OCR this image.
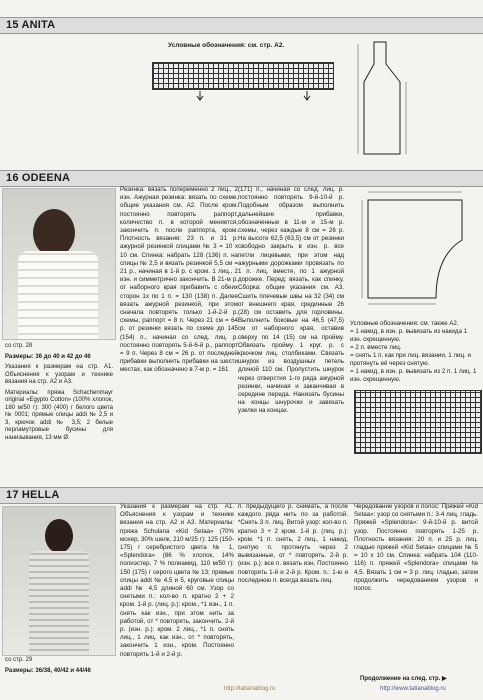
15 ANITA
Условные обозначения: см. стр. А2.
16 ODEENA

со стр. 28

Размеры: 36 до 40 и 42 до 46

Указания к размерам на стр. А1. Объяснения к узорам и технике вязания на стр. А2 и А3.

Материалы: пряжа Schachenmayr original «Egypto Cotton» (100% хлопок, 180 м/50 г): 300 (400) г белого цвета № 0001; прямые спицы addi № 2,5 и 3, крючок addi № 3,5; 2 белые перламутровые бусины для нанизывания, 13 мм Ø.

Резинка: вязать попеременно 2 лиц., 2 изн. Ажурная резинка: вязать по схеме, общие указания см. А2. После кром. постоянно повторять раппорт, количество п. в которой меняется, закончить п. после раппорта, кром. Плотность вязания: 23 п. и 31 р. ажурной резинкой спицами № 3 = 10 х 10 см. Спинка: набрать 128 (136) п. на спицы № 2,5 и вязать резинкой 5,5 см = 21 р., начиная в 1-й р. с кром. 1 лиц., 2 изн. и симметрично закончить. В 21-м р. от наборного края прибавить с обеих сторон 1х по 1 п. = 130 (138) п. Далее вязать ажурной резинкой, при этом сначала повторять только 1-й-2-й р. схемы, раппорт = 8 п. Через 21 см = 64 р. от резинки вязать по схеме до 145 (154) п., начиная со след. лиц. р. постоянно повторять 5-й-6-й р., раппорт = 9 п. Через 8 см = 26 р. от последней прибавки выполнить прибавки на шести местах, как обозначено в 7-м р. = 161
(171) п., начиная со след. лиц. р. постоянно повторять 9-й-10-й р. Подобным образом выполнить дальнейшие прибавки, обозначенные в 11-м и 15-м р. схемы, через каждые 8 см = 26 р. На высоте 62,5 (63,5) см от резинки свободно закрыть в изн. р. все петли лицевыми, при этом над ажурными дорожками провязать по 1 п. лиц. вместе, по 1 ажурной дорожке. Перед: вязать, как спинку. Сборка: общие указания см. А3. Сшить плечевые швы на 32 (34) см от внешнего края, срединные 26 (28) см оставить для горловины. Выполнить боковые на 46,5 (47,5) см от наборного края, оставив сверху по 14 (15) см на пройму. Обвязать пройму 1 круг. р. с крючком лиц. столбиками. Связать шнурок из воздушных петель длиной 110 см. Пропустить шнурок через отверстия 1-го ряда ажурной резинки, начиная и заканчивая в середине переда. Нанизать бусины на концы шнурочки и завязать узелки на концах.
Условные обозначения: см. также А2.
= 1 накид, в изн. р. вывязать из накида 1 изн. скрещенную.
= 2 п. вместе лиц.
= снять 1 п. как при лиц. вязании, 1 лиц. и протянуть её через снятую.
= 1 накид, в изн. р. вывязать из 2 п. 1 лиц. 1 изн. скрещенную.
17 HELLA

со стр. 29

Размеры: 36/38, 40/42 и 44/46

Указания к размерам на стр. А1. Объяснения к узорам и технике вязания на стр. А2 и А3. Материалы: пряжа Schulana «Kid Setaa» (70% мохер, 30% шелк, 210 м/25 г): 125 (150-175) г серебристого цвета № 1, «Splendora» (86 % хлопок, 14% полиэстер, 7 % полиамид, 110 м/50 г): 150 (175) г серого цвета № 13; прямые спицы addi № 4,5 и 5, круговые спицы addi № 4,5 длиной 60 см. Узор со снятыми п.: кол-во п. кратно 2 + 2 кром. 1-й р. (лиц. р.): кром., *1 изн., 1 п. снять как изн., при этом нить за работой, от * повторять, закончить. 2-й р. (изн. р.): кром. 2 лиц., *1 п. снять лиц., 1 лиц. как изн., от * повторять, закончить 1 изн., кром. Постоянно повторять 1-й и 2-й р.
п. предыдущего р. снимать, а после каждого ряда нить по за работой. *Снять 3 п. лиц. Витой узор: кол-во п. кратно 3 + 2 кром. 1-й р. (лиц. р.): кром. *1 п. снять, 2 лиц., 1 накид, снятую п. протянуть через 2 вывязанные, от * повторять. 2-й р. (изн. р.): все п. вязать изн. Постоянно повторять 1-й и 2-й р. Кром. п.: 1-ю и последнюю п. всегда вязать лиц.
Чередование узоров и полос: Пряжей «Kid Setaa»: узор со снятыми п.: 3-4 лиц. гладь. Пряжей «Splendora»: 9-й-10-й р. витой узор. Постоянно повторять 1-25 р. Плотность вязания: 20 п. и 25 р. лиц. гладью пряжей «Kid Setaa» спицами № 5 = 10 х 10 см. Спинка: набрать 104 (110-116) п. пряжей «Splendora» спицами № 4,5. Вязать 1 см = 3 р. лиц. гладью, затем продолжить чередованием узоров и полос.
Продолжение на след. стр. ▶
http://tatianablog.ru	http://www.tatianablog.ru
